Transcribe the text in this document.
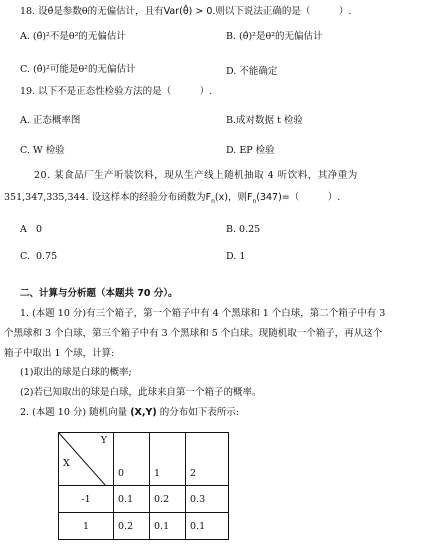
18. 设θ̂是参数θ的无偏估计，且有Var(θ̂) > 0.则以下说法正确的是（　　　）.
A. (θ̂)²不是θ²的无偏估计	B. (θ̂)²是θ²的无偏估计
C. (θ̂)²可能是θ²的无偏估计	D. 不能确定
19. 以下不是正态性检验方法的是（　　　）.
A. 正态概率图	B.成对数据 t 检验
C. W 检验	D. EP 检验
20. 某食品厂生产听装饮料，现从生产线上随机抽取 4 听饮料，其净重为
351,347,335,344. 设这样本的经验分布函数为$F_n(x)$，则$F_n(347)=$（　　　）.
A 0	B. 0.25
C. 0.75	D. 1
二、计算与分析题（本题共 70 分）。
1. (本题 10 分)有三个箱子，第一个箱子中有 4 个黑球和 1 个白球，第二个箱子中有 3
个黑球和 3 个白球，第三个箱子中有 3 个黑球和 5 个白球。现随机取一个箱子，再从这个
箱子中取出 1 个球，计算:
(1)取出的球是白球的概率;
(2)若已知取出的球是白球，此球来自第一个箱子的概率。
2. (本题 10 分) 随机向量 (X,Y) 的分布如下表所示:
Y
X	0	1	2
-1	0.1	0.2	0.3
1	0.2	0.1	0.1
